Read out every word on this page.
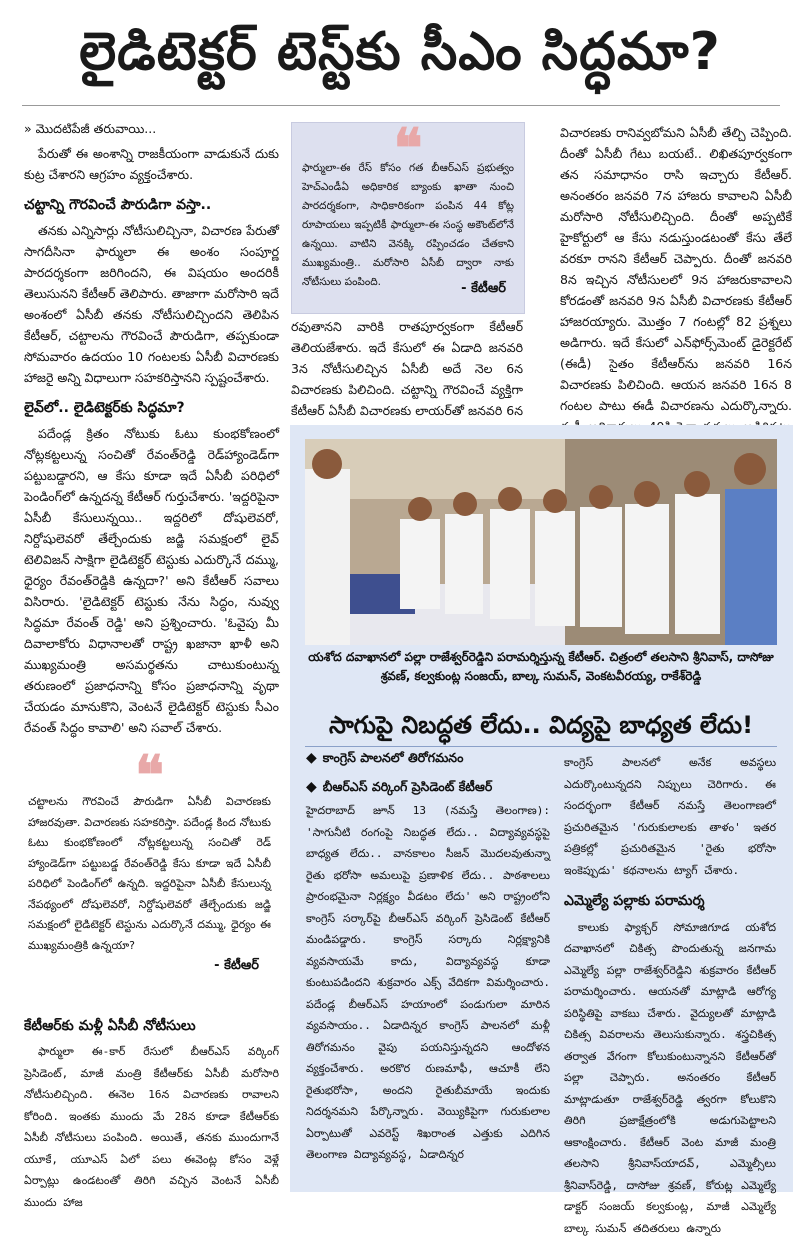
లైడిటెక్టర్ టెస్ట్‌కు సీఎం సిద్ధమా?
» మొదటిపేజీ తరువాయి...

పేరుతో ఈ అంశాన్ని రాజకీయంగా వాడుకునే దుకు కుట్ర చేశారని ఆగ్రహం వ్యక్తంచేశారు.

చట్టాన్ని గౌరవించే పౌరుడిగా వస్తా..

తనకు ఎన్నిసార్లు నోటీసులిచ్చినా, విచారణ పేరుతో సాగదీసినా ఫార్ములా ఈ అంశం సంపూర్ణ పారదర్శకంగా జరిగిందని, ఈ విషయం అందరికీ తెలుసునని కేటీఆర్ తెలిపారు. తాజాగా మరోసారి ఇదే అంశంలో ఏసీబీ తనకు నోటీసులిచ్చిందని తెలిపిన కేటీఆర్, చట్టాలను గౌరవించే పౌరుడిగా, తప్పకుండా సోమవారం ఉదయం 10 గంటలకు ఏసీబీ విచారణకు హాజరై అన్ని విధాలుగా సహకరిస్తానని స్పష్టంచేశారు.

లైవ్‌లో.. లైడిటెక్టర్‌కు సిద్ధమా?

పదేండ్ల క్రితం నోటుకు ఓటు కుంభకోణంలో నోట్లకట్టలున్న సంచితో రేవంత్‌రెడ్డి రెడ్‌హ్యాండెడ్‌గా పట్టుబడ్డారని, ఆ కేసు కూడా ఇదే ఏసీబీ పరిధిలో పెండింగ్‌లో ఉన్నదన్న కేటీఆర్ గుర్తుచేశారు. 'ఇద్దరిపైనా ఏసీబీ కేసులున్నయి.. ఇద్దరిలో దోషులెవరో, నిర్దోషులెవరో తేల్చేందుకు జడ్జి సమక్షంలో లైవ్ టెలివిజన్ సాక్షిగా లైడిటెక్టర్ టెస్టుకు ఎదుర్కొనే దమ్ము, ధైర్యం రేవంత్‌రెడ్డికి ఉన్నదా?' అని కేటీఆర్ సవాలు విసిరారు. 'లైడిటెక్టర్ టెస్టుకు నేను సిద్ధం, నువ్వు సిద్ధమా రేవంత్ రెడ్డి' అని ప్రశ్నించారు. 'ఓవైపు మీ దివాలాకోరు విధానాలతో రాష్ట్ర ఖజానా ఖాళీ అని ముఖ్యమంత్రి అసమర్థతను చాటుకుంటున్న తరుణంలో ప్రజాధనాన్ని కోసం ప్రజాధనాన్ని వృథా చేయడం మానుకొని, వెంటనే లైడిటెక్టర్ టెస్టుకు సీఎం రేవంత్ సిద్ధం కావాలి' అని సవాల్ చేశారు.

❝
చట్టాలను గౌరవించే పౌరుడిగా ఏసీబీ విచారణకు హాజరవుతా. విచారణకు సహకరిస్తా. పదేండ్ల కింద నోటుకు ఓటు కుంభకోణంలో నోట్లకట్టలున్న సంచితో రెడ్ హ్యాండెడ్‌గా పట్టుబడ్డ రేవంత్‌రెడ్డి కేసు కూడా ఇదే ఏసీబీ పరిధిలో పెండింగ్‌లో ఉన్నది. ఇద్దరిపైనా ఏసీబీ కేసులున్న నేపథ్యంలో దోషులెవరో, నిర్దోషులెవరో తేల్చేందుకు జడ్జి సమక్షంలో లైడిటెక్టర్ టెస్టును ఎదుర్కొనే దమ్ము, ధైర్యం ఈ ముఖ్యమంత్రికి ఉన్నయా?
- కేటీఆర్
కేటీఆర్‌కు మళ్లీ ఏసీబీ నోటీసులు

ఫార్ములా ఈ-కార్ రేసులో బీఆర్ఎస్ వర్కింగ్ ప్రెసిడెంట్, మాజీ మంత్రి కేటీఆర్‌కు ఏసీబీ మరోసారి నోటీసులిచ్చింది. ఈనెల 16న విచారణకు రావాలని కోరింది. ఇంతకు ముందు మే 28న కూడా కేటీఆర్‌కు ఏసీబీ నోటీసులు పంపింది. అయితే, తనకు ముందుగానే యూకే, యూఎస్ ఏలో పలు ఈవెంట్ల కోసం వెళ్లే ఏర్పాట్లు ఉండటంతో తిరిగి వచ్చిన వెంటనే ఏసీబీ ముందు హాజ

❝
ఫార్ములా-ఈ రేస్ కోసం గత బీఆర్ఎస్ ప్రభుత్వం హెచ్ఎండీఏ అధికారిక బ్యాంకు ఖాతా నుంచి పారదర్శకంగా, సాధికారికంగా పంపిన 44 కోట్ల రూపాయలు ఇప్పటికీ ఫార్ములా-ఈ సంస్థ అకౌంట్‌లోనే ఉన్నయి. వాటిని వెనక్కి రప్పించడం చేతకాని ముఖ్యమంత్రి.. మరోసారి ఏసీబీ ద్వారా నాకు నోటీసులు పంపింది.	- కేటీఆర్

రవుతానని వారికి రాతపూర్వకంగా కేటీఆర్ తెలియజేశారు. ఇదే కేసులో ఈ ఏడాది జనవరి 3న నోటీసులిచ్చిన ఏసీబీ అదే నెల 6న విచారణకు పిలిచింది. చట్టాన్ని గౌరవించే వ్యక్తిగా కేటీఆర్ ఏసీబీ విచారణకు లాయర్‌తో జనవరి 6న

విచారణకు రానివ్వబోమని ఏసీబీ తేల్చి చెప్పింది. దీంతో ఏసీబీ గేటు బయటే.. లిఖితపూర్వకంగా తన సమాధానం రాసి ఇచ్చారు కేటీఆర్. అనంతరం జనవరి 7న హాజరు కావాలని ఏసీబీ మరోసారి నోటీసులిచ్చింది. దీంతో అప్పటికే హైకోర్టులో ఆ కేసు నడుస్తుండటంతో కేసు తేలే వరకూ రానని కేటీఆర్ చెప్పారు. దీంతో జనవరి 8న ఇచ్చిన నోటీసులలో 9న హాజరుకావాలని కోరడంతో జనవరి 9న ఏసీబీ విచారణకు కేటీఆర్ హాజరయ్యారు. మొత్తం 7 గంటల్లో 82 ప్రశ్నలు అడిగారు. ఇదే కేసులో ఎన్‌ఫోర్స్‌మెంట్ డైరెక్టరేట్ (ఈడీ) సైతం కేటీఆర్‌ను జనవరి 16న విచారణకు పిలిచింది. ఆయన జనవరి 16న 8 గంటల పాటు ఈడీ విచారణను ఎదుర్కొన్నారు.

యశోద దవాఖానలో పల్లా రాజేశ్వర్‌రెడ్డిని పరామర్శిస్తున్న కేటీఆర్. చిత్రంలో తలసాని శ్రీనివాస్, దాసోజు శ్రవణ్, కల్వకుంట్ల సంజయ్, బాల్క సుమన్, వెంకటవీరయ్య, రాకేశ్‌రెడ్డి
సాగుపై నిబద్ధత లేదు.. విద్యపై బాధ్యత లేదు!
◆ కాంగ్రెస్ పాలనలో తిరోగమనం
◆ బీఆర్ఎస్ వర్కింగ్ ప్రెసిడెంట్ కేటీఆర్

హైదరాబాద్ జూన్ 13 (నమస్తే తెలంగాణ): 'సాగునీటి రంగంపై నిబద్ధత లేదు.. విద్యావ్యవస్థపై బాధ్యత లేదు.. వానకాలం సీజన్ మొదలవుతున్నా రైతు భరోసా అమలుపై ప్రణాళిక లేదు.. పాఠశాలలు ప్రారంభమైనా నిర్లక్ష్యం వీడటం లేదు' అని రాష్ట్రంలోని కాంగ్రెస్ సర్కార్‌పై బీఆర్ఎస్ వర్కింగ్ ప్రెసిడెంట్ కేటీఆర్ మండిపడ్డారు. కాంగ్రెస్ సర్కారు నిర్లక్ష్యానికి వ్యవసాయమే కాదు, విద్యావ్యవస్థ కూడా కుంటుపడిందని శుక్రవారం ఎక్స్ వేదికగా విమర్శించారు. పదేండ్ల బీఆర్ఎస్ హయాంలో పండుగులా మారిన వ్యవసాయం.. ఏడాదిన్నర కాంగ్రెస్ పాలనలో మళ్లీ తిరోగమనం వైపు పయనిస్తున్నదని ఆందోళన వ్యక్తంచేశారు. అరకొర రుణమాఫీ, ఆచూకీ లేని రైతుభరోసా, అందని రైతుబీమాయే ఇందుకు నిదర్శనమని పేర్కొన్నారు. వెయ్యికిపైగా గురుకులాల ఏర్పాటుతో ఎవరెస్ట్ శిఖరాంత ఎత్తుకు ఎదిగిన తెలంగాణ విద్యావ్యవస్థ, ఏడాదిన్నర

కాంగ్రెస్ పాలనలో అనేక అవస్థలు ఎదుర్కొంటున్నదని నిప్పులు చెరిగారు. ఈ సందర్భంగా కేటీఆర్ నమస్తే తెలంగాణలో ప్రచురితమైన 'గురుకులాలకు తాళం' ఇతర పత్రికల్లో ప్రచురితమైన 'రైతు భరోసా ఇంకెప్పుడు' కథనాలను ట్యాగ్ చేశారు.

ఎమ్మెల్యే పల్లాకు పరామర్శ

కాలుకు ఫ్యాక్చర్ సోమాజిగూడ యశోద దవాఖానలో చికిత్స పొందుతున్న జనగామ ఎమ్మెల్యే పల్లా రాజేశ్వర్‌రెడ్డిని శుక్రవారం కేటీఆర్ పరామర్శించారు. ఆయనతో మాట్లాడి ఆరోగ్య పరిస్థితిపై వాకబు చేశారు. వైద్యులతో మాట్లాడి చికిత్స వివరాలను తెలుసుకున్నారు. శస్త్రచికిత్స తర్వాత వేగంగా కోలుకుంటున్నానని కేటీఆర్‌తో పల్లా చెప్పారు. అనంతరం కేటీఆర్ మాట్లాడుతూ రాజేశ్వర్‌రెడ్డి త్వరగా కోలుకొని తిరిగి ప్రజాక్షేత్రంలోకి అడుగుపెట్టాలని ఆకాంక్షించారు. కేటీఆర్ వెంట మాజీ మంత్రి తలసాని శ్రీనివాస్‌యాదవ్, ఎమ్మెల్సీలు శ్రీనివాస్‌రెడ్డి, దాసోజు శ్రవణ్, కోరుట్ల ఎమ్మెల్యే డాక్టర్ సంజయ్ కల్వకుంట్ల, మాజీ ఎమ్మెల్యే బాల్క సుమన్ తదితరులు ఉన్నారు
